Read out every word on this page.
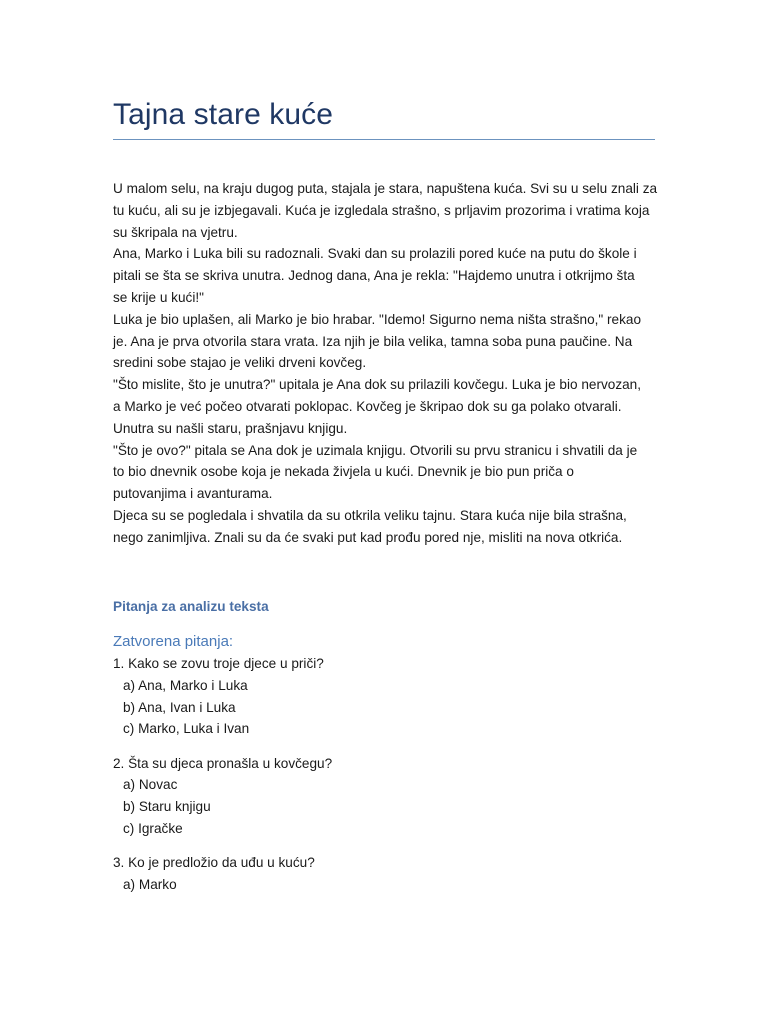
Tajna stare kuće

U malom selu, na kraju dugog puta, stajala je stara, napuštena kuća. Svi su u selu znali za

tu kuću, ali su je izbjegavali. Kuća je izgledala strašno, s prljavim prozorima i vratima koja

su škripala na vjetru.

Ana, Marko i Luka bili su radoznali. Svaki dan su prolazili pored kuće na putu do škole i

pitali se šta se skriva unutra. Jednog dana, Ana je rekla: "Hajdemo unutra i otkrijmo šta

se krije u kući!"

Luka je bio uplašen, ali Marko je bio hrabar. "Idemo! Sigurno nema ništa strašno," rekao

je. Ana je prva otvorila stara vrata. Iza njih je bila velika, tamna soba puna paučine. Na

sredini sobe stajao je veliki drveni kovčeg.

"Što mislite, što je unutra?" upitala je Ana dok su prilazili kovčegu. Luka je bio nervozan,

a Marko je već počeo otvarati poklopac. Kovčeg je škripao dok su ga polako otvarali.

Unutra su našli staru, prašnjavu knjigu.

"Što je ovo?" pitala se Ana dok je uzimala knjigu. Otvorili su prvu stranicu i shvatili da je

to bio dnevnik osobe koja je nekada živjela u kući. Dnevnik je bio pun priča o

putovanjima i avanturama.

Djeca su se pogledala i shvatila da su otkrila veliku tajnu. Stara kuća nije bila strašna,

nego zanimljiva. Znali su da će svaki put kad prođu pored nje, misliti na nova otkrića.

Pitanja za analizu teksta
Zatvorena pitanja:
1. Kako se zovu troje djece u priči?
a) Ana, Marko i Luka
b) Ana, Ivan i Luka
c) Marko, Luka i Ivan
2. Šta su djeca pronašla u kovčegu?
a) Novac
b) Staru knjigu
c) Igračke
3. Ko je predložio da uđu u kuću?
a) Marko
